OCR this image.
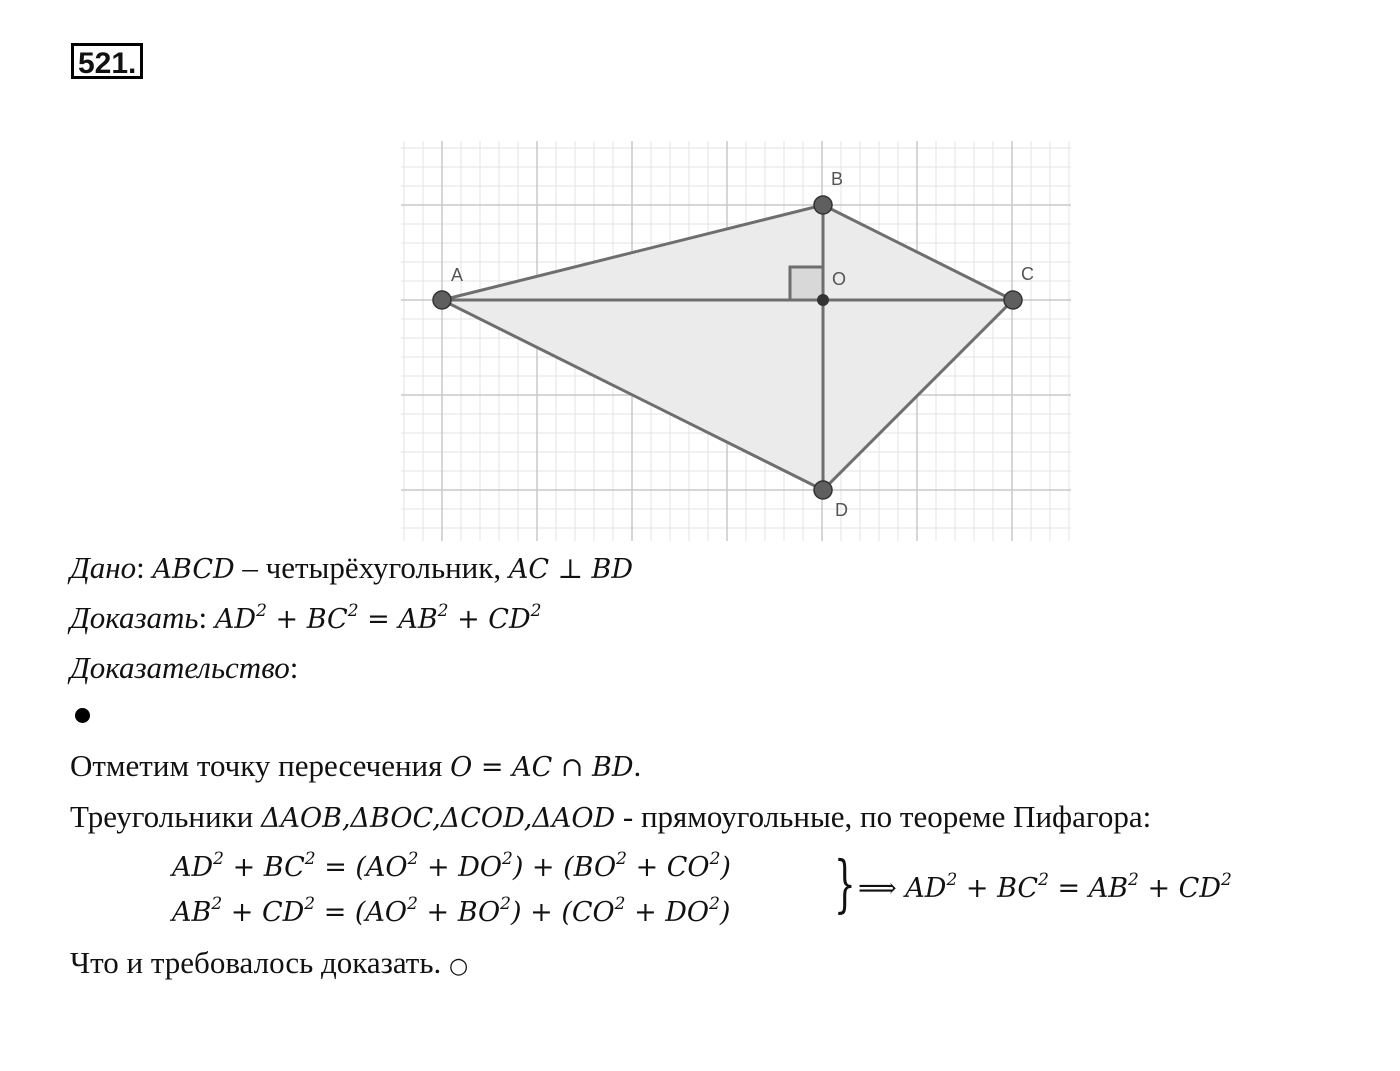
521.
A
B
C
D
O
Дано: ABCD – четырёхугольник, AC ⊥ BD
Доказать: $AD^2 + BC^2 = AB^2 + CD^2$
Доказательство:
Отметим точку пересечения O = AC ∩ BD.
Треугольники ΔAOB,ΔBOC,ΔCOD,ΔAOD - прямоугольные, по теореме Пифагора:
$AD^2 + BC^2 = (AO^2 + DO^2) + (BO^2 + CO^2)$
$AB^2 + CD^2 = (AO^2 + BO^2) + (CO^2 + DO^2)$ } ⟹ $AD^2 + BC^2 = AB^2 + CD^2$
Что и требовалось доказать. ○
